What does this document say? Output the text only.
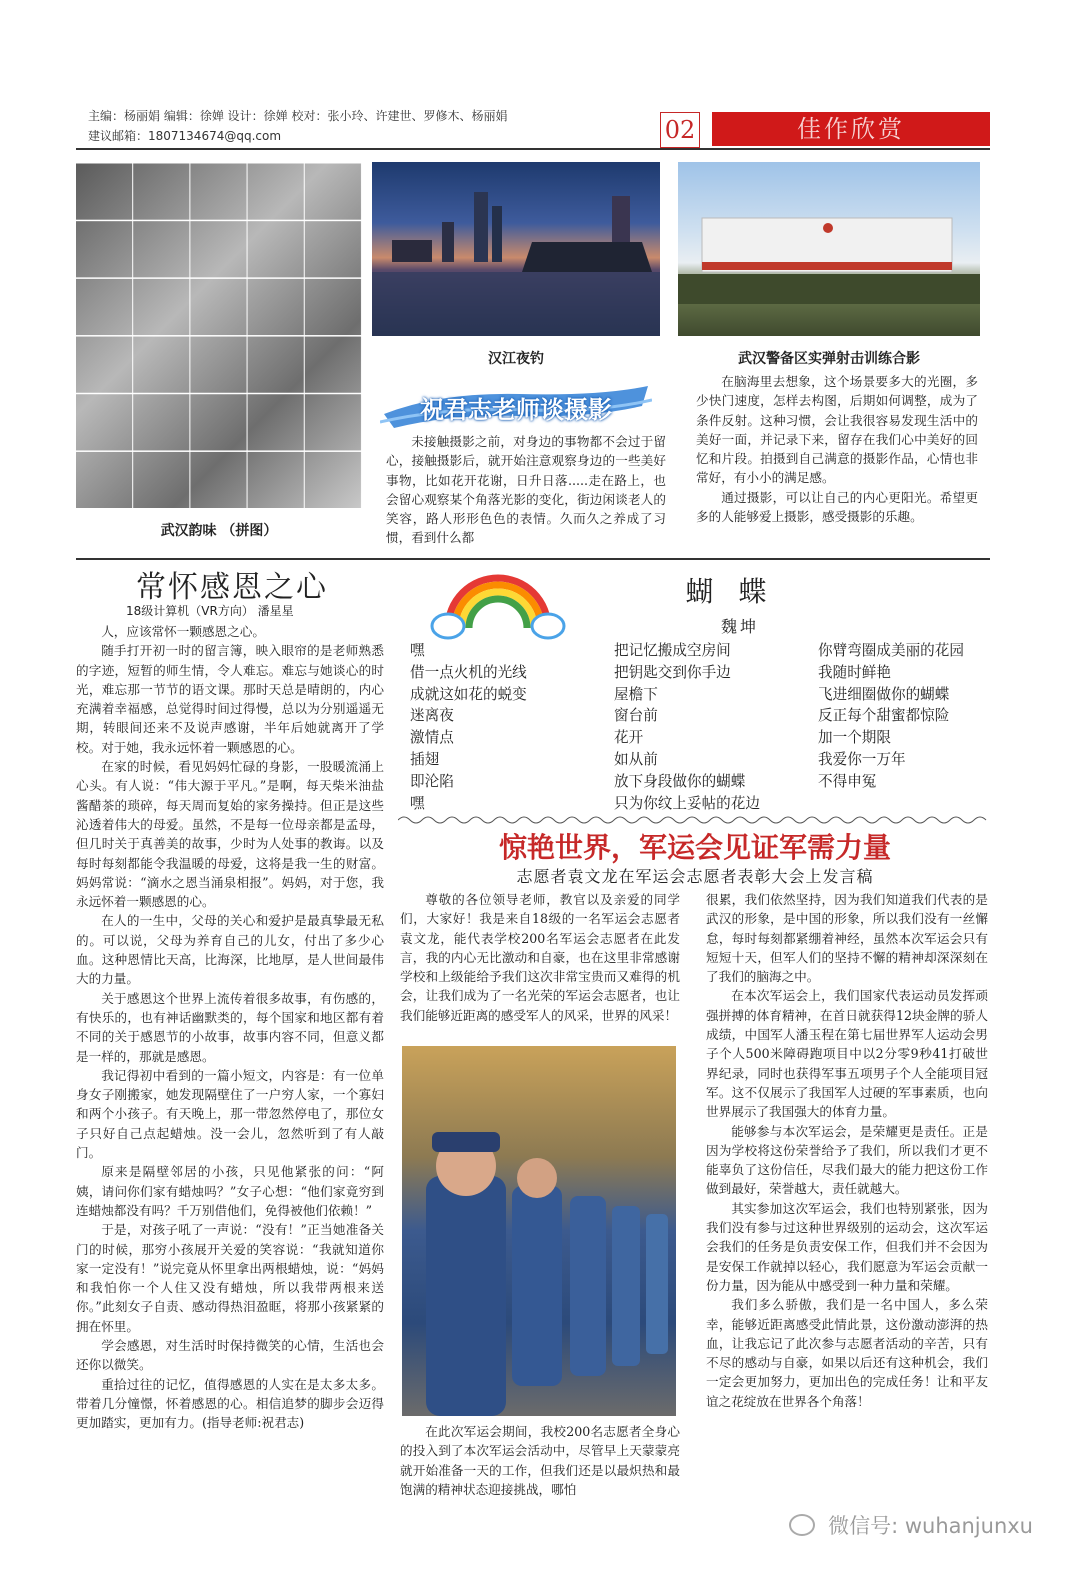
主编：杨丽娟 编辑：徐婵 设计：徐婵 校对：张小玲、许建世、罗修木、杨丽娟
建议邮箱：1807134674@qq.com	02	佳作欣赏
武汉韵味 （拼图）
汉江夜钓	武汉警备区实弹射击训练合影
祝君志老师谈摄影

未接触摄影之前，对身边的事物都不会过于留心，接触摄影后，就开始注意观察身边的一些美好事物，比如花开花谢，日升日落.....走在路上，也会留心观察某个角落光影的变化，街边闲谈老人的笑容，路人形形色色的表情。久而久之养成了习惯，看到什么都

在脑海里去想象，这个场景要多大的光圈，多少快门速度，怎样去构图，后期如何调整，成为了条件反射。这种习惯，会让我很容易发现生活中的美好一面，并记录下来，留存在我们心中美好的回忆和片段。拍摄到自己满意的摄影作品，心情也非常好，有小小的满足感。

通过摄影，可以让自己的内心更阳光。希望更多的人能够爱上摄影，感受摄影的乐趣。

常怀感恩之心
18级计算机（VR方向） 潘星星

人，应该常怀一颗感恩之心。

随手打开初一时的留言簿，映入眼帘的是老师熟悉的字迹，短暂的师生情，令人难忘。难忘与她谈心的时光，难忘那一节节的语文课。那时天总是晴朗的，内心充满着幸福感，总觉得时间过得慢，总以为分别遥遥无期，转眼间还来不及说声感谢，半年后她就离开了学校。对于她，我永远怀着一颗感恩的心。

在家的时候，看见妈妈忙碌的身影，一股暖流涌上心头。有人说：“伟大源于平凡。”是啊，每天柴米油盐酱醋茶的琐碎，每天周而复始的家务操持。但正是这些沁透着伟大的母爱。虽然，不是每一位母亲都是孟母，但几时关于真善美的故事，少时为人处事的教诲。以及每时每刻都能令我温暖的母爱，这将是我一生的财富。妈妈常说：“滴水之恩当涌泉相报”。妈妈，对于您，我永远怀着一颗感恩的心。

在人的一生中，父母的关心和爱护是最真挚最无私的。可以说，父母为养育自己的儿女，付出了多少心血。这种恩情比天高，比海深，比地厚，是人世间最伟大的力量。

关于感恩这个世界上流传着很多故事，有伤感的，有快乐的，也有神话幽默类的，每个国家和地区都有着不同的关于感恩节的小故事，故事内容不同，但意义都是一样的，那就是感恩。

我记得初中看到的一篇小短文，内容是：有一位单身女子刚搬家，她发现隔壁住了一户穷人家，一个寡妇和两个小孩子。有天晚上，那一带忽然停电了，那位女子只好自己点起蜡烛。没一会儿，忽然听到了有人敲门。

原来是隔壁邻居的小孩，只见他紧张的问：“阿姨，请问你们家有蜡烛吗？”女子心想：“他们家竟穷到连蜡烛都没有吗？千万别借他们，免得被他们依赖！”

于是，对孩子吼了一声说：“没有！”正当她准备关门的时候，那穷小孩展开关爱的笑容说：“我就知道你家一定没有！”说完竟从怀里拿出两根蜡烛，说：“妈妈和我怕你一个人住又没有蜡烛，所以我带两根来送你。”此刻女子自责、感动得热泪盈眶，将那小孩紧紧的拥在怀里。

学会感恩，对生活时时保持微笑的心情，生活也会还你以微笑。

重拾过往的记忆，值得感恩的人实在是太多太多。带着几分憧憬，怀着感恩的心。相信追梦的脚步会迈得更加踏实，更加有力。(指导老师:祝君志)

蝴 蝶
魏坤
嘿
借一点火机的光线
成就这如花的蜕变
迷离夜
激情点
插翅
即沦陷
嘿
把记忆搬成空房间
把钥匙交到你手边
屋檐下
窗台前
花开
如从前
放下身段做你的蝴蝶
只为你纹上妥帖的花边
你臂弯圈成美丽的花园
我随时鲜艳
飞进细圈做你的蝴蝶
反正每个甜蜜都惊险
加一个期限
我爱你一万年
不得申冤
惊艳世界，军运会见证军需力量
志愿者袁文龙在军运会志愿者表彰大会上发言稿

尊敬的各位领导老师，教官以及亲爱的同学们，大家好！我是来自18级的一名军运会志愿者袁文龙，能代表学校200名军运会志愿者在此发言，我的内心无比激动和自豪，也在这里非常感谢学校和上级能给予我们这次非常宝贵而又难得的机会，让我们成为了一名光荣的军运会志愿者，也让我们能够近距离的感受军人的风采，世界的风采！

在此次军运会期间，我校200名志愿者全身心的投入到了本次军运会活动中，尽管早上天蒙蒙亮就开始准备一天的工作，但我们还是以最炽热和最饱满的精神状态迎接挑战，哪怕

很累，我们依然坚持，因为我们知道我们代表的是武汉的形象，是中国的形象，所以我们没有一丝懈怠，每时每刻都紧绷着神经，虽然本次军运会只有短短十天，但军人们的坚持不懈的精神却深深刻在了我们的脑海之中。

在本次军运会上，我们国家代表运动员发挥顽强拼搏的体育精神，在首日就获得12块金牌的骄人成绩，中国军人潘玉程在第七届世界军人运动会男子个人500米障碍跑项目中以2分零9秒41打破世界纪录，同时也获得军事五项男子个人全能项目冠军。这不仅展示了我国军人过硬的军事素质，也向世界展示了我国强大的体育力量。

能够参与本次军运会，是荣耀更是责任。正是因为学校将这份荣誉给予了我们，所以我们才更不能辜负了这份信任，尽我们最大的能力把这份工作做到最好，荣誉越大，责任就越大。

其实参加这次军运会，我们也特别紧张，因为我们没有参与过这种世界级别的运动会，这次军运会我们的任务是负责安保工作，但我们并不会因为是安保工作就掉以轻心，我们愿意为军运会贡献一份力量，因为能从中感受到一种力量和荣耀。

我们多么骄傲，我们是一名中国人，多么荣幸，能够近距离感受此情此景，这份激动澎湃的热血，让我忘记了此次参与志愿者活动的辛苦，只有不尽的感动与自豪，如果以后还有这种机会，我们一定会更加努力，更加出色的完成任务！让和平友谊之花绽放在世界各个角落！

微信号: wuhanjunxu
